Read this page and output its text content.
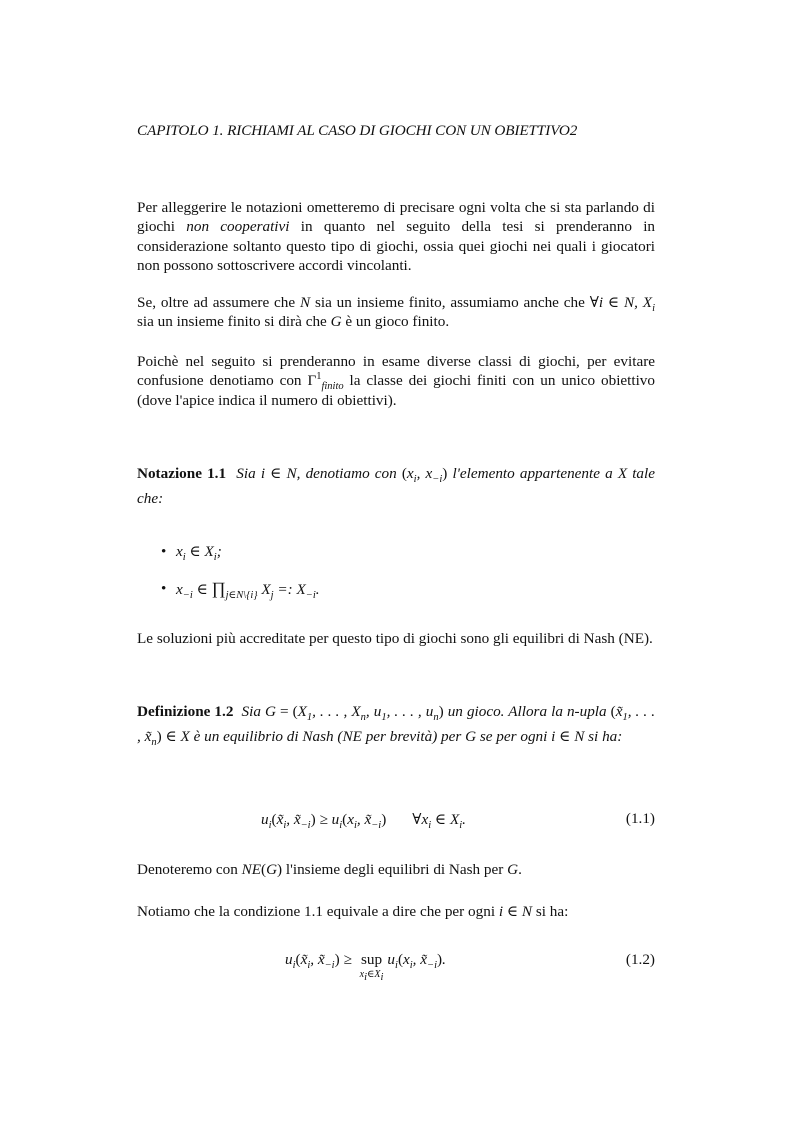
CAPITOLO 1. RICHIAMI AL CASO DI GIOCHI CON UN OBIETTIVO2

Per alleggerire le notazioni ometteremo di precisare ogni volta che si sta parlando di giochi non cooperativi in quanto nel seguito della tesi si prenderanno in considerazione soltanto questo tipo di giochi, ossia quei giochi nei quali i giocatori non possono sottoscrivere accordi vincolanti.

Se, oltre ad assumere che N sia un insieme finito, assumiamo anche che ∀i ∈ N, $X_i$ sia un insieme finito si dirà che G è un gioco finito.

Poichè nel seguito si prenderanno in esame diverse classi di giochi, per evitare confusione denotiamo con $\Gamma^1_{finito}$ la classe dei giochi finiti con un unico obiettivo (dove l'apice indica il numero di obiettivi).

Notazione 1.1 Sia i ∈ N, denotiamo con ($x_i$, $x_{-i}$) l'elemento appartenente a X tale che:
• $x_i$ ∈ $X_i$;
• $x_{-i}$ ∈ $\prod_{j\in N\backslash\{i\}}$ $X_j$ =: $X_{-i}$.

Le soluzioni più accreditate per questo tipo di giochi sono gli equilibri di Nash (NE).

Definizione 1.2 Sia $G = (X_1$, . . . , $X_n$, $u_1$, . . . , $u_n$) un gioco. Allora la n-upla ($x̃_1$, . . . , $x̃_n$) ∈ X è un equilibrio di Nash (NE per brevità) per G se per ogni i ∈ N si ha:
$u_i(x̃_i$, $x̃_{-i}) \ge u_i(x_i$, $x̃_{-i}$) $\forall x_i$ ∈ $X_i$.	(1.1)

Denoteremo con NE(G) l'insieme degli equilibri di Nash per G.

Notiamo che la condizione 1.1 equivale a dire che per ogni i ∈ N si ha:

$u_i(x̃_i$, $x̃_{-i}$) ≥ sup
$x_i\in X_i$
$u_i(x_i$, $x̃_{-i}$).	(1.2)
